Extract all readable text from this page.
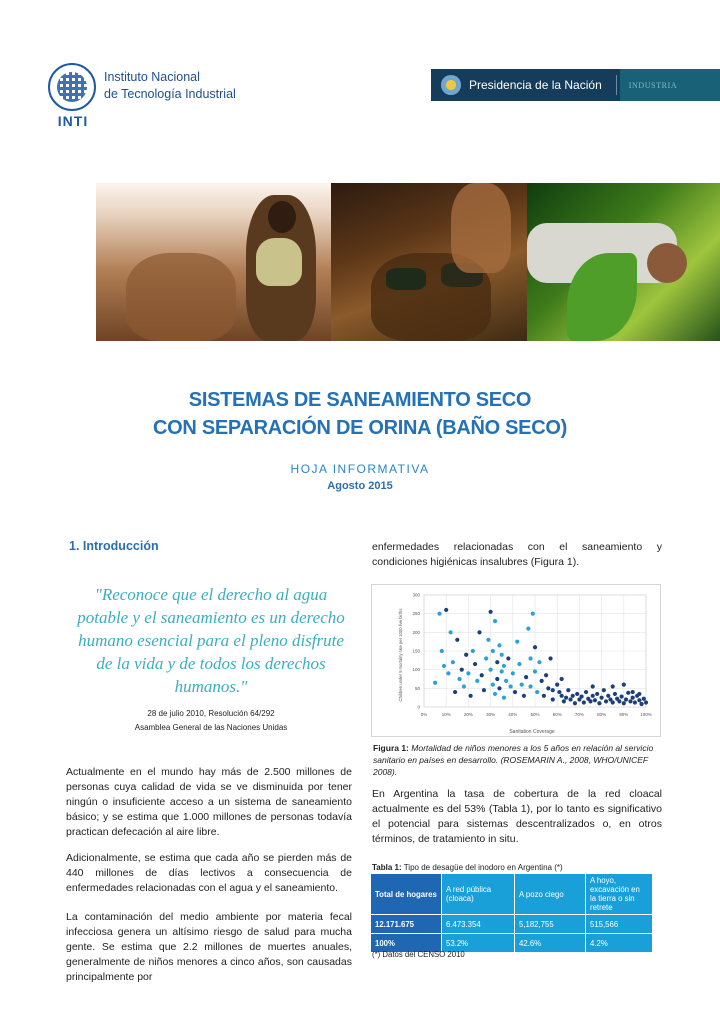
INTI
Instituto Nacional
de Tecnología Industrial
Presidencia de la Nación
SISTEMAS DE SANEAMIENTO SECO
CON SEPARACIÓN DE ORINA (BAÑO SECO)
HOJA INFORMATIVA
Agosto 2015
1. Introducción
"Reconoce que el derecho al agua potable y el saneamiento es un derecho humano esencial para el pleno disfrute de la vida y de todos los derechos humanos."
28 de julio 2010, Resolución 64/292
Asamblea General de las Naciones Unidas
Actualmente en el mundo hay más de 2.500 millones de personas cuya calidad de vida se ve disminuida por tener ningún o insuficiente acceso a un sistema de saneamiento básico; y se estima que 1.000 millones de personas todavía practican defecación al aire libre.
Adicionalmente, se estima que cada año se pierden más de 440 millones de días lectivos a consecuencia de enfermedades relacionadas con el agua y el saneamiento.
La contaminación del medio ambiente por materia fecal infecciosa genera un altísimo riesgo de salud para mucha gente. Se estima que 2.2 millones de muertes anuales, generalmente de niños menores a cinco años, son causadas principalmente por
enfermedades relacionadas con el saneamiento y condiciones higiénicas insalubres (Figura 1).
0
50
100
150
200
250
300
0%	10%	20%	30%	40%	50%	60%	70%	80%	90%	100%
Sanitation Coverage
Children under 5 mortality rate per 1000 live births
Figura 1: Mortalidad de niños menores a los 5 años en relación al servicio sanitario en países en desarrollo. (ROSEMARIN A., 2008, WHO/UNICEF 2008).
En Argentina la tasa de cobertura de la red cloacal actualmente es del 53% (Tabla 1), por lo tanto es significativo el potencial para sistemas descentralizados o, en otros términos, de tratamiento in situ.
Tabla 1: Tipo de desagüe del inodoro en Argentina (*)
Total de hogares	A red pública (cloaca)	A pozo ciego	A hoyo, excavación en la tierra o sin retrete
12.171.675	6.473.354	5,182,755	515,566
100%	53.2%	42.6%	4.2%
(*) Datos del CENSO 2010
